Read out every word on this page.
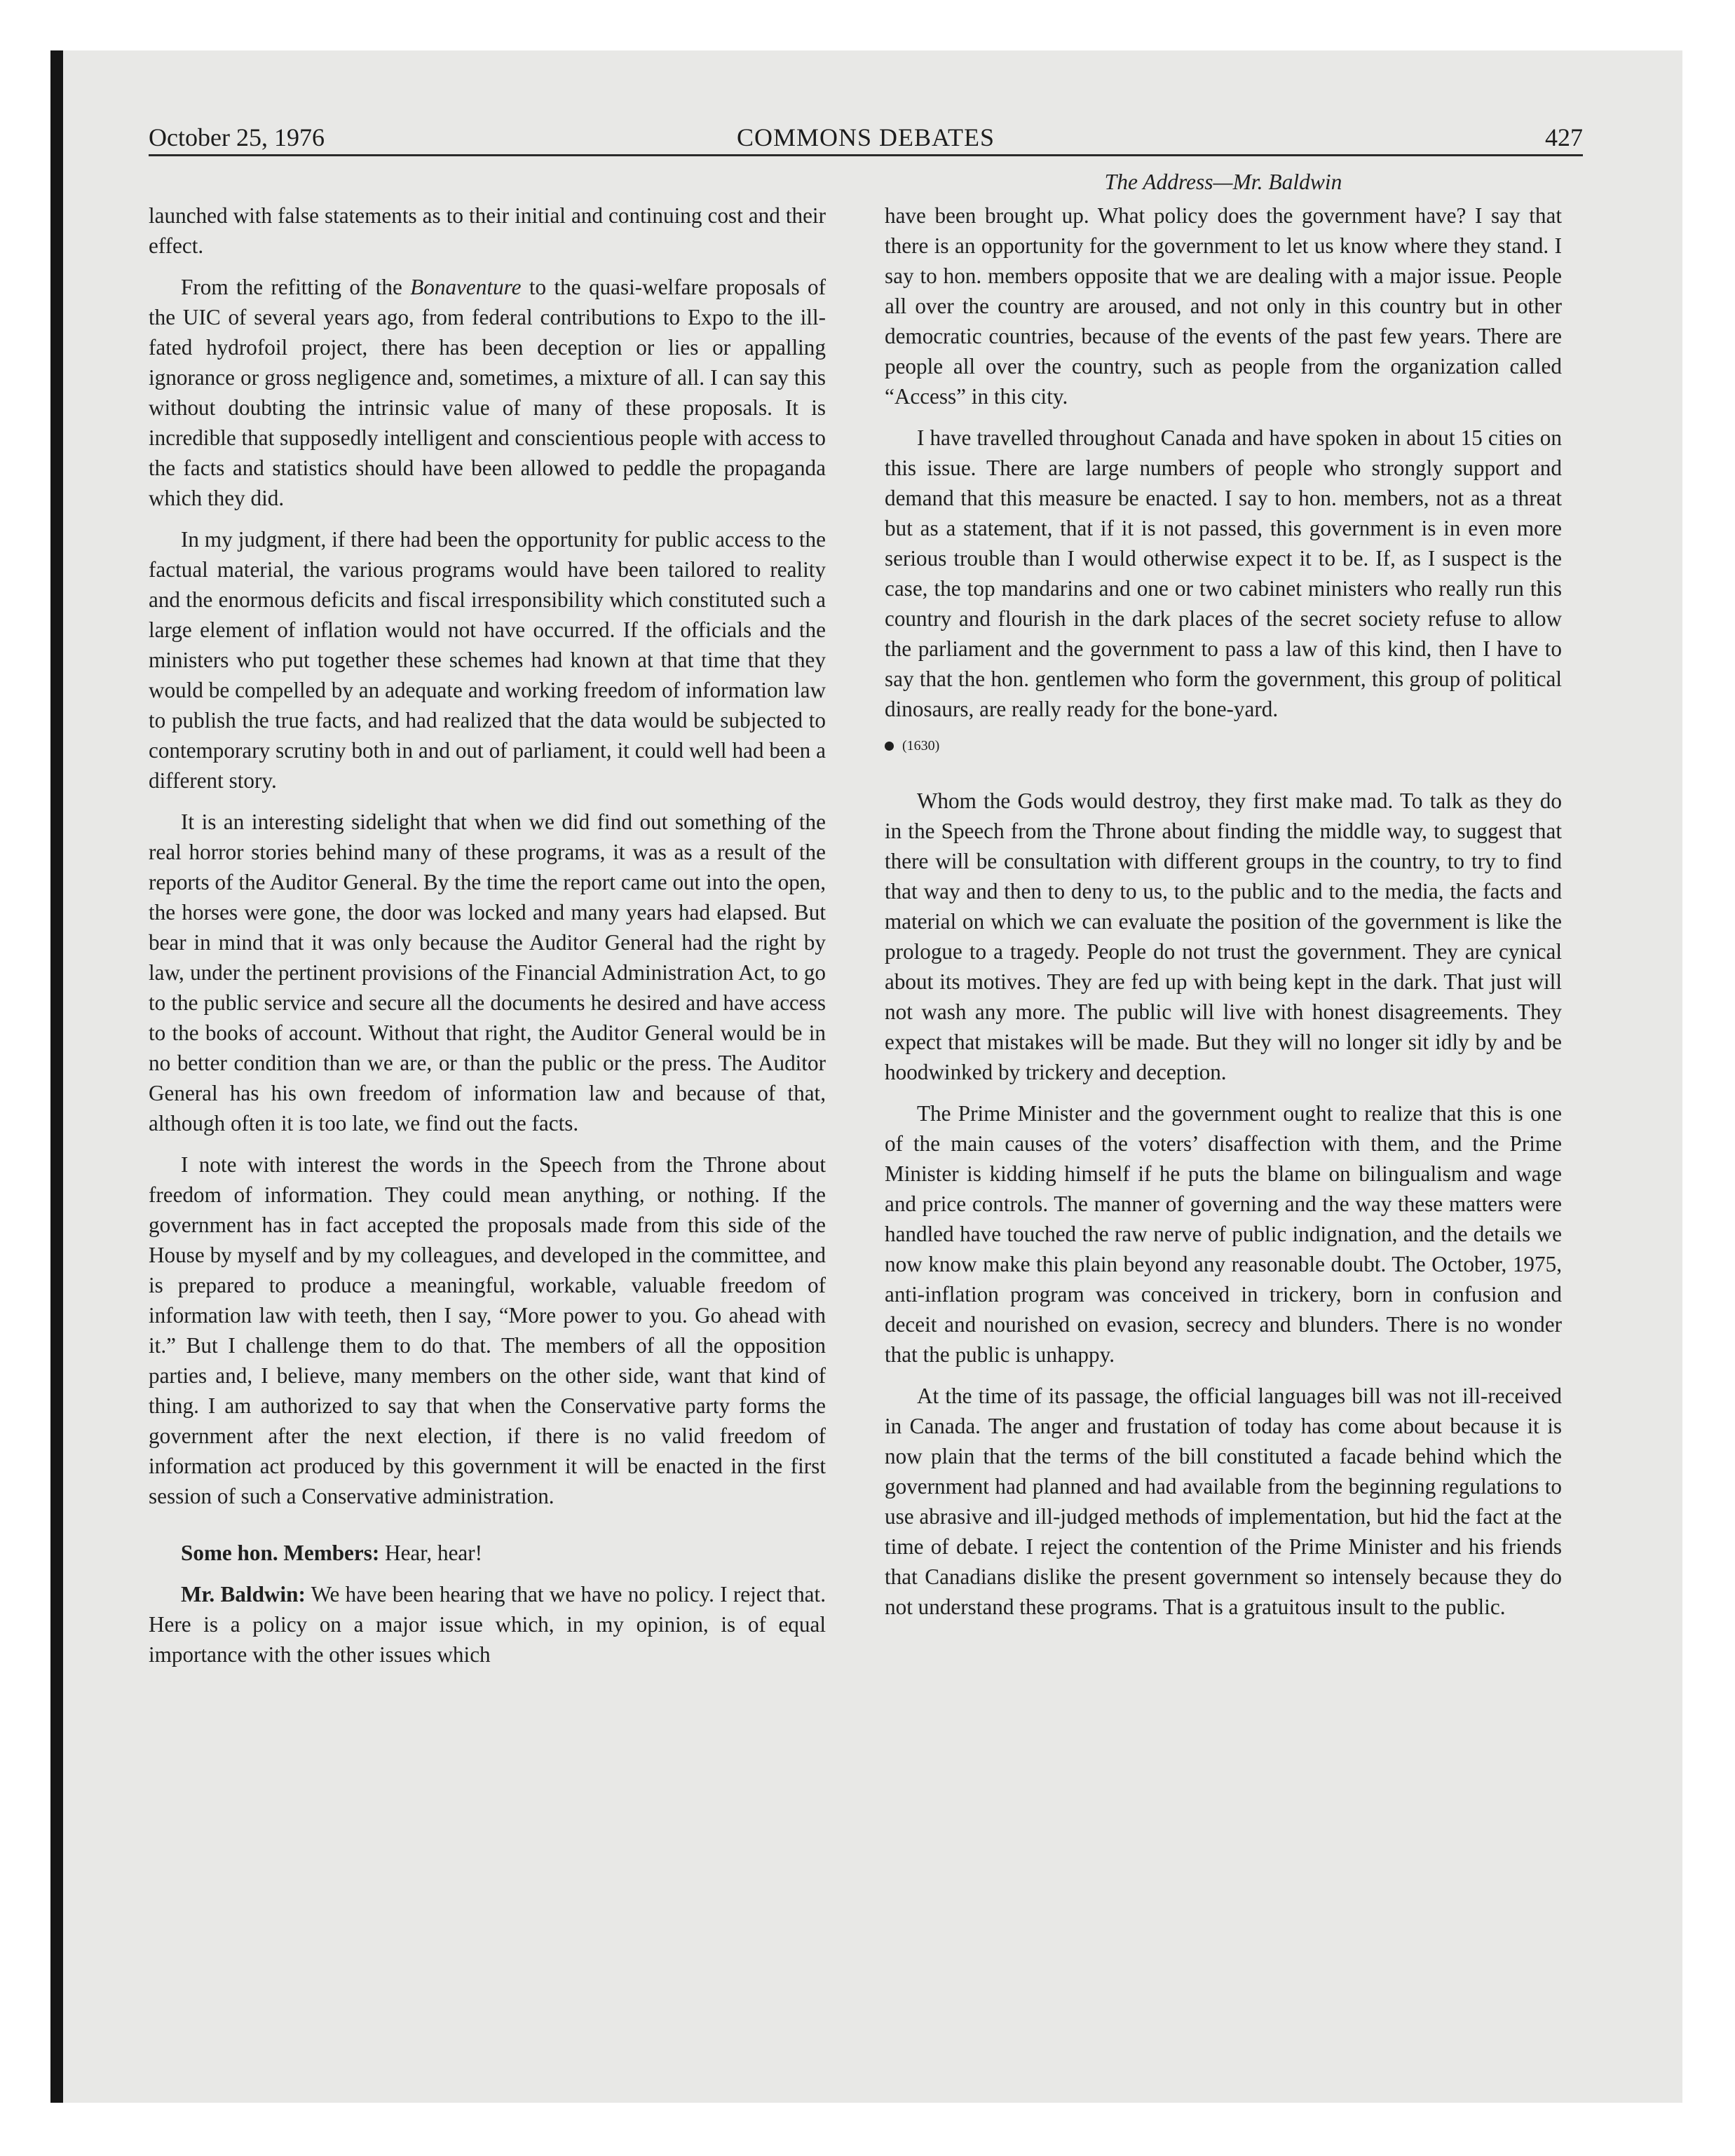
October 25, 1976	COMMONS DEBATES	427

launched with false statements as to their initial and continuing cost and their effect.

From the refitting of the Bonaventure to the quasi-welfare proposals of the UIC of several years ago, from federal contributions to Expo to the ill-fated hydrofoil project, there has been deception or lies or appalling ignorance or gross negligence and, sometimes, a mixture of all. I can say this without doubting the intrinsic value of many of these proposals. It is incredible that supposedly intelligent and conscientious people with access to the facts and statistics should have been allowed to peddle the propaganda which they did.

In my judgment, if there had been the opportunity for public access to the factual material, the various programs would have been tailored to reality and the enormous deficits and fiscal irresponsibility which constituted such a large element of inflation would not have occurred. If the officials and the ministers who put together these schemes had known at that time that they would be compelled by an adequate and working freedom of information law to publish the true facts, and had realized that the data would be subjected to contemporary scrutiny both in and out of parliament, it could well had been a different story.

It is an interesting sidelight that when we did find out something of the real horror stories behind many of these programs, it was as a result of the reports of the Auditor General. By the time the report came out into the open, the horses were gone, the door was locked and many years had elapsed. But bear in mind that it was only because the Auditor General had the right by law, under the pertinent provisions of the Financial Administration Act, to go to the public service and secure all the documents he desired and have access to the books of account. Without that right, the Auditor General would be in no better condition than we are, or than the public or the press. The Auditor General has his own freedom of information law and because of that, although often it is too late, we find out the facts.

I note with interest the words in the Speech from the Throne about freedom of information. They could mean anything, or nothing. If the government has in fact accepted the proposals made from this side of the House by myself and by my colleagues, and developed in the committee, and is prepared to produce a meaningful, workable, valuable freedom of information law with teeth, then I say, “More power to you. Go ahead with it.” But I challenge them to do that. The members of all the opposition parties and, I believe, many members on the other side, want that kind of thing. I am authorized to say that when the Conservative party forms the government after the next election, if there is no valid freedom of information act produced by this government it will be enacted in the first session of such a Conservative administration.

Some hon. Members: Hear, hear!

Mr. Baldwin: We have been hearing that we have no policy. I reject that. Here is a policy on a major issue which, in my opinion, is of equal importance with the other issues which

The Address—Mr. Baldwin

have been brought up. What policy does the government have? I say that there is an opportunity for the government to let us know where they stand. I say to hon. members opposite that we are dealing with a major issue. People all over the country are aroused, and not only in this country but in other democratic countries, because of the events of the past few years. There are people all over the country, such as people from the organization called “Access” in this city.

I have travelled throughout Canada and have spoken in about 15 cities on this issue. There are large numbers of people who strongly support and demand that this measure be enacted. I say to hon. members, not as a threat but as a statement, that if it is not passed, this government is in even more serious trouble than I would otherwise expect it to be. If, as I suspect is the case, the top mandarins and one or two cabinet ministers who really run this country and flourish in the dark places of the secret society refuse to allow the parliament and the government to pass a law of this kind, then I have to say that the hon. gentlemen who form the government, this group of political dinosaurs, are really ready for the bone-yard.

(1630)

Whom the Gods would destroy, they first make mad. To talk as they do in the Speech from the Throne about finding the middle way, to suggest that there will be consultation with different groups in the country, to try to find that way and then to deny to us, to the public and to the media, the facts and material on which we can evaluate the position of the government is like the prologue to a tragedy. People do not trust the government. They are cynical about its motives. They are fed up with being kept in the dark. That just will not wash any more. The public will live with honest disagreements. They expect that mistakes will be made. But they will no longer sit idly by and be hoodwinked by trickery and deception.

The Prime Minister and the government ought to realize that this is one of the main causes of the voters’ disaffection with them, and the Prime Minister is kidding himself if he puts the blame on bilingualism and wage and price controls. The manner of governing and the way these matters were handled have touched the raw nerve of public indignation, and the details we now know make this plain beyond any reasonable doubt. The October, 1975, anti-inflation program was conceived in trickery, born in confusion and deceit and nourished on evasion, secrecy and blunders. There is no wonder that the public is unhappy.

At the time of its passage, the official languages bill was not ill-received in Canada. The anger and frustation of today has come about because it is now plain that the terms of the bill constituted a facade behind which the government had planned and had available from the beginning regulations to use abrasive and ill-judged methods of implementation, but hid the fact at the time of debate. I reject the contention of the Prime Minister and his friends that Canadians dislike the present government so intensely because they do not understand these programs. That is a gratuitous insult to the public.
